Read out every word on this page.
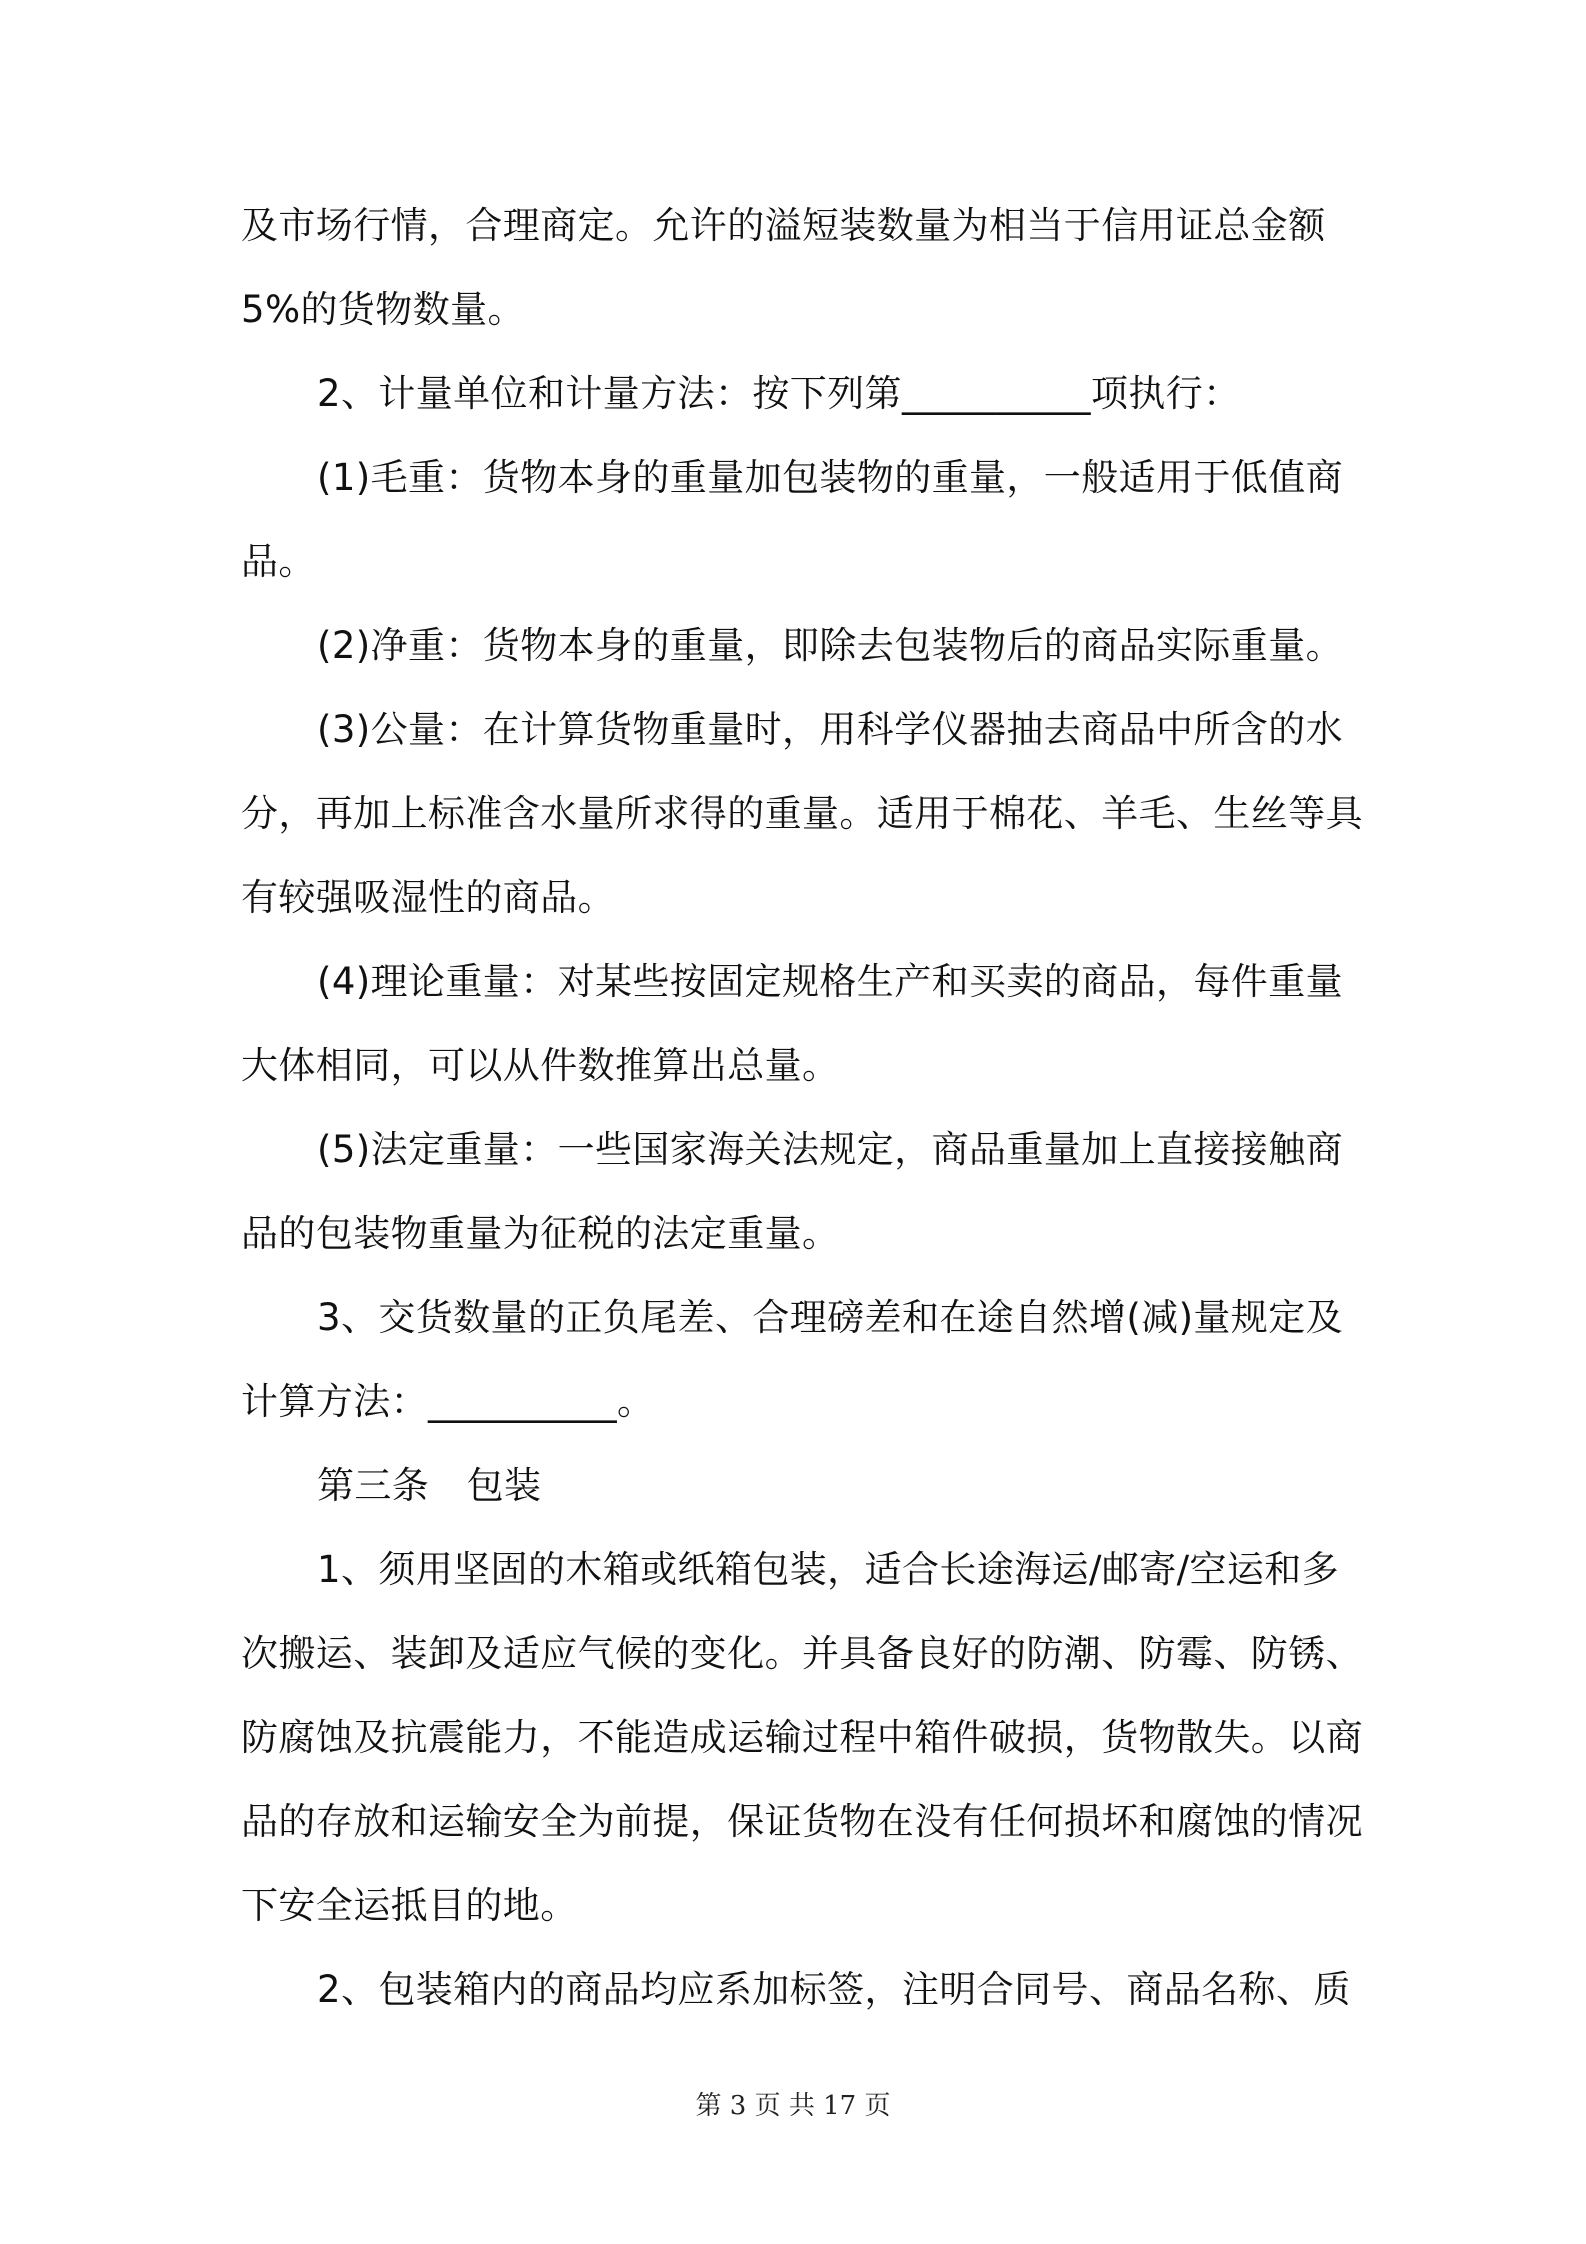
及市场行情，合理商定。允许的溢短装数量为相当于信用证总金额
5%的货物数量。
2、计量单位和计量方法：按下列第__________项执行：
(1)毛重：货物本身的重量加包装物的重量，一般适用于低值商
品。
(2)净重：货物本身的重量，即除去包装物后的商品实际重量。
(3)公量：在计算货物重量时，用科学仪器抽去商品中所含的水
分，再加上标准含水量所求得的重量。适用于棉花、羊毛、生丝等具
有较强吸湿性的商品。
(4)理论重量：对某些按固定规格生产和买卖的商品，每件重量
大体相同，可以从件数推算出总量。
(5)法定重量：一些国家海关法规定，商品重量加上直接接触商
品的包装物重量为征税的法定重量。
3、交货数量的正负尾差、合理磅差和在途自然增(减)量规定及
计算方法：__________。
第三条　包装
1、须用坚固的木箱或纸箱包装，适合长途海运/邮寄/空运和多
次搬运、装卸及适应气候的变化。并具备良好的防潮、防霉、防锈、
防腐蚀及抗震能力，不能造成运输过程中箱件破损，货物散失。以商
品的存放和运输安全为前提，保证货物在没有任何损坏和腐蚀的情况
下安全运抵目的地。
2、包装箱内的商品均应系加标签，注明合同号、商品名称、质
第 3 页 共 17 页
